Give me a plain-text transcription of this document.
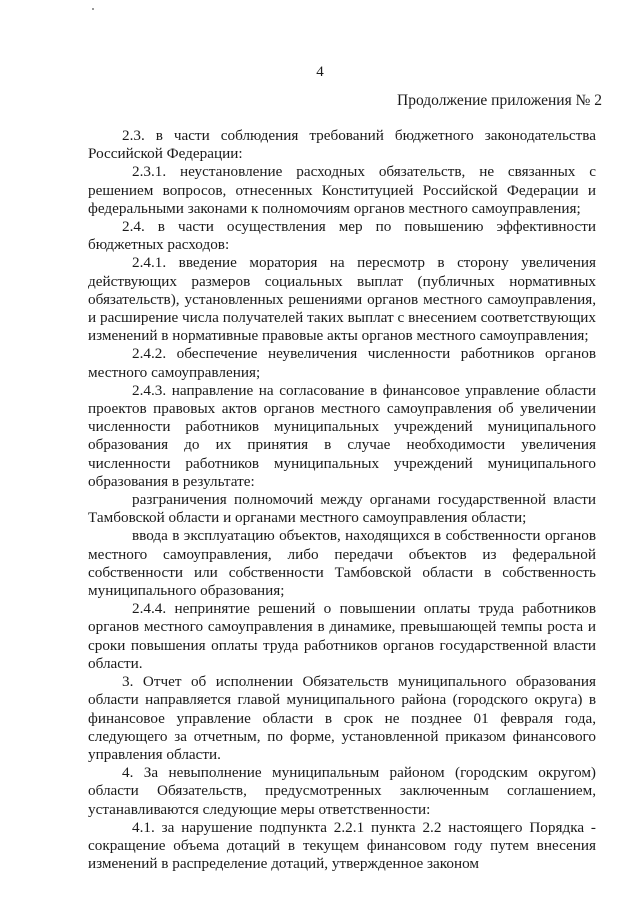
4
Продолжение приложения № 2

2.3. в части соблюдения требований бюджетного законодательства Российской Федерации:

2.3.1. неустановление расходных обязательств, не связанных с решением вопросов, отнесенных Конституцией Российской Федерации и федеральными законами к полномочиям органов местного самоуправления;

2.4. в части осуществления мер по повышению эффективности бюджетных расходов:

2.4.1. введение моратория на пересмотр в сторону увеличения действующих размеров социальных выплат (публичных нормативных обязательств), установленных решениями органов местного самоуправления, и расширение числа получателей таких выплат с внесением соответствующих изменений в нормативные правовые акты органов местного самоуправления;

2.4.2. обеспечение неувеличения численности работников органов местного самоуправления;

2.4.3. направление на согласование в финансовое управление области проектов правовых актов органов местного самоуправления об увеличении численности работников муниципальных учреждений муниципального образования до их принятия в случае необходимости увеличения численности работников муниципальных учреждений муниципального образования в результате:

разграничения полномочий между органами государственной власти Тамбовской области и органами местного самоуправления области;

ввода в эксплуатацию объектов, находящихся в собственности органов местного самоуправления, либо передачи объектов из федеральной собственности или собственности Тамбовской области в собственность муниципального образования;

2.4.4. непринятие решений о повышении оплаты труда работников органов местного самоуправления в динамике, превышающей темпы роста и сроки повышения оплаты труда работников органов государственной власти области.

3. Отчет об исполнении Обязательств муниципального образования области направляется главой муниципального района (городского округа) в финансовое управление области в срок не позднее 01 февраля года, следующего за отчетным, по форме, установленной приказом финансового управления области.

4. За невыполнение муниципальным районом (городским округом) области Обязательств, предусмотренных заключенным соглашением, устанавливаются следующие меры ответственности:

4.1. за нарушение подпункта 2.2.1 пункта 2.2 настоящего Порядка - сокращение объема дотаций в текущем финансовом году путем внесения изменений в распределение дотаций, утвержденное законом
